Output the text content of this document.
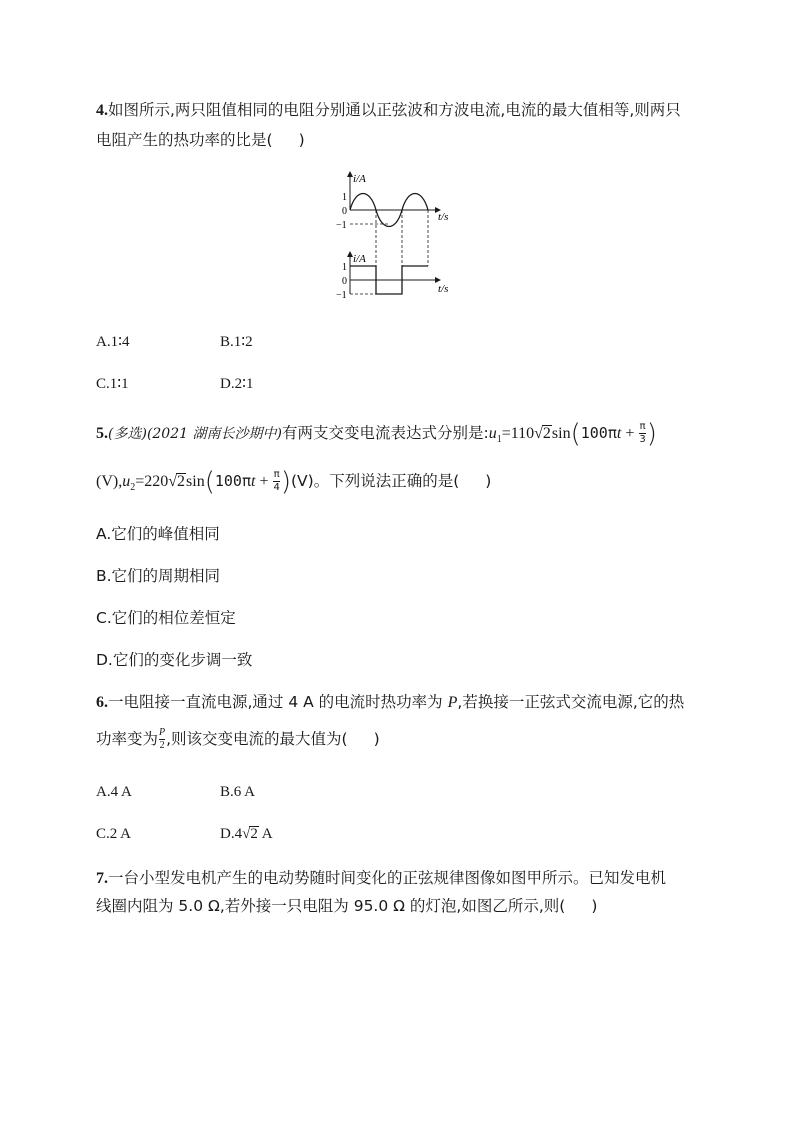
4.如图所示,两只阻值相同的电阻分别通以正弦波和方波电流,电流的最大值相等,则两只
电阻产生的热功率的比是( )
i/A
t/s
1
0
−1
i/A
t/s
1
0
−1
A.1∶4	B.1∶2
C.1∶1	D.2∶1
5.(多选)(2021 湖南长沙期中)有两支交变电流表达式分别是$:u_1=110√2\sin(100\pi t + \frac{\pi}{3}$ )
$(V),u_2=220√2\sin(100\pi t + \frac{\pi}{4} )(V)$。下列说法正确的是( )
A.它们的峰值相同
B.它们的周期相同
C.它们的相位差恒定
D.它们的变化步调一致
6.一电阻接一直流电源,通过 4 A 的电流时热功率为 P,若换接一正弦式交流电源,它的热
功率变为 $\frac{P}{2}$ ,则该交变电流的最大值为( )
A.4 A	B.6 A
C.2 A	D.4√2 A
7.一台小型发电机产生的电动势随时间变化的正弦规律图像如图甲所示。已知发电机
线圈内阻为 5.0 Ω,若外接一只电阻为 95.0 Ω 的灯泡,如图乙所示,则( )
